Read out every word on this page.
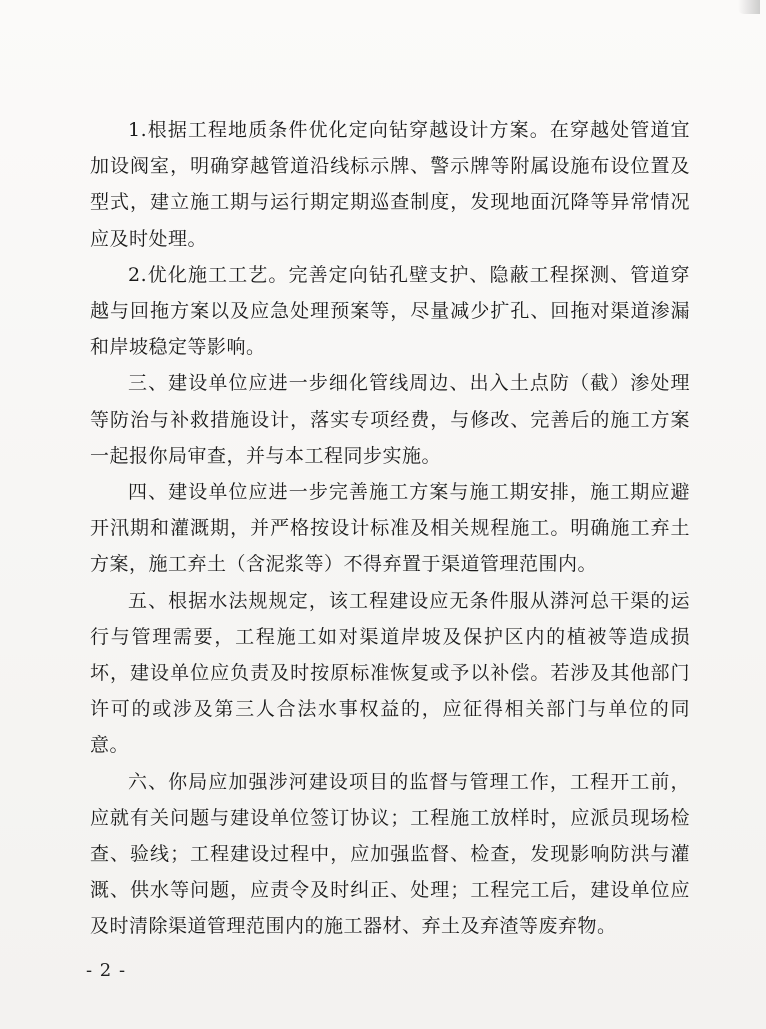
1.根据工程地质条件优化定向钻穿越设计方案。在穿越处管道宜加设阀室，明确穿越管道沿线标示牌、警示牌等附属设施布设位置及型式，建立施工期与运行期定期巡查制度，发现地面沉降等异常情况应及时处理。

2.优化施工工艺。完善定向钻孔壁支护、隐蔽工程探测、管道穿越与回拖方案以及应急处理预案等，尽量减少扩孔、回拖对渠道渗漏和岸坡稳定等影响。

三、建设单位应进一步细化管线周边、出入土点防（截）渗处理等防治与补救措施设计，落实专项经费，与修改、完善后的施工方案一起报你局审查，并与本工程同步实施。

四、建设单位应进一步完善施工方案与施工期安排，施工期应避开汛期和灌溉期，并严格按设计标准及相关规程施工。明确施工弃土方案，施工弃土（含泥浆等）不得弃置于渠道管理范围内。

五、根据水法规规定，该工程建设应无条件服从漭河总干渠的运行与管理需要，工程施工如对渠道岸坡及保护区内的植被等造成损坏，建设单位应负责及时按原标准恢复或予以补偿。若涉及其他部门许可的或涉及第三人合法水事权益的，应征得相关部门与单位的同意。

六、你局应加强涉河建设项目的监督与管理工作，工程开工前，应就有关问题与建设单位签订协议；工程施工放样时，应派员现场检查、验线；工程建设过程中，应加强监督、检查，发现影响防洪与灌溉、供水等问题，应责令及时纠正、处理；工程完工后，建设单位应及时清除渠道管理范围内的施工器材、弃土及弃渣等废弃物。

- 2 -
